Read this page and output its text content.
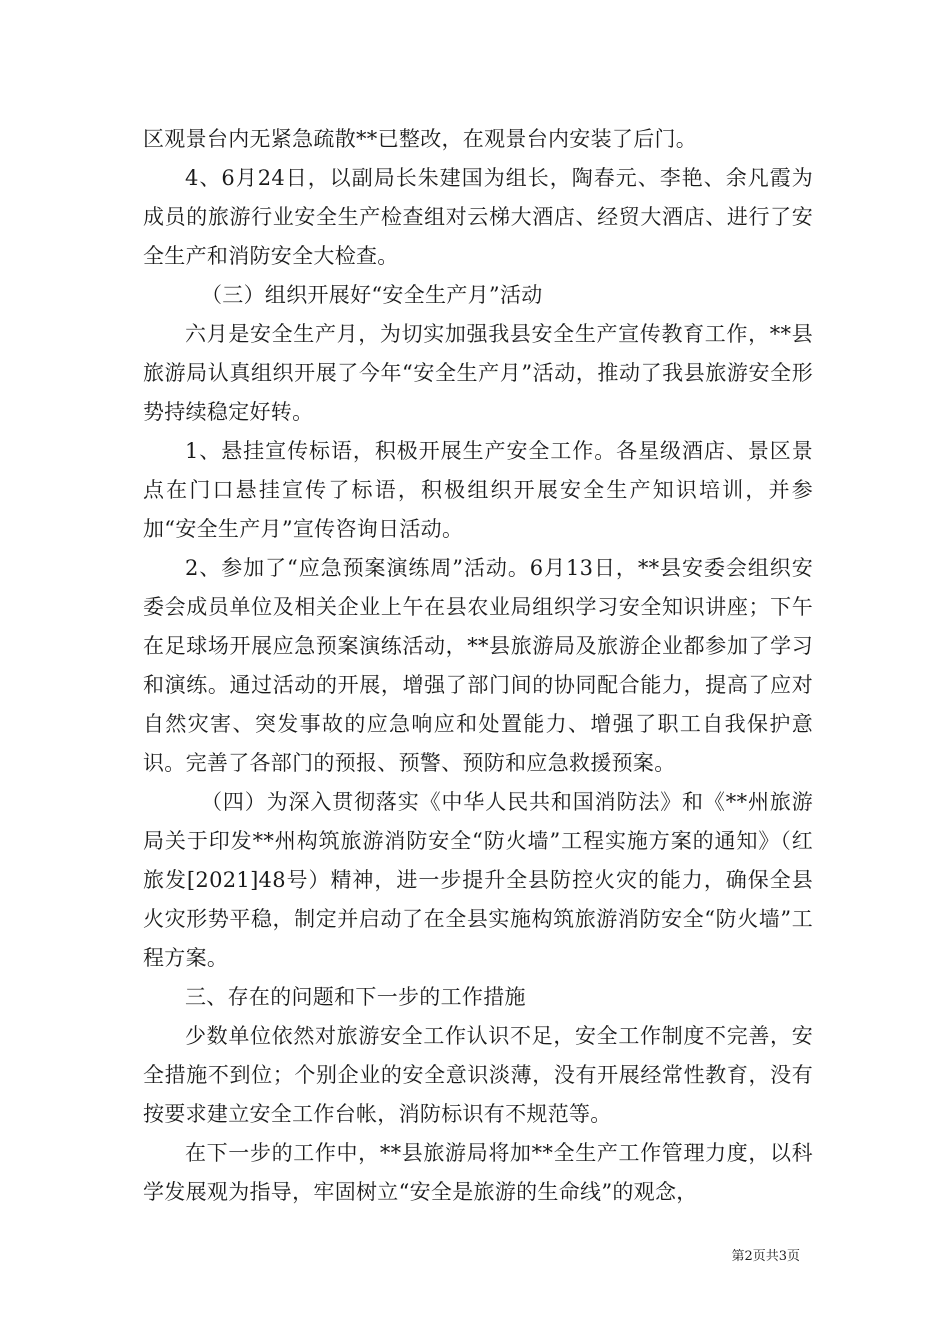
区观景台内无紧急疏散**已整改，在观景台内安装了后门。

4、6月24日，以副局长朱建国为组长，陶春元、李艳、余凡霞为成员的旅游行业安全生产检查组对云梯大酒店、经贸大酒店、进行了安全生产和消防安全大检查。

（三）组织开展好“安全生产月”活动

六月是安全生产月，为切实加强我县安全生产宣传教育工作，**县旅游局认真组织开展了今年“安全生产月”活动，推动了我县旅游安全形势持续稳定好转。

1、悬挂宣传标语，积极开展生产安全工作。各星级酒店、景区景点在门口悬挂宣传了标语，积极组织开展安全生产知识培训，并参加“安全生产月”宣传咨询日活动。

2、参加了“应急预案演练周”活动。6月13日，**县安委会组织安委会成员单位及相关企业上午在县农业局组织学习安全知识讲座；下午在足球场开展应急预案演练活动，**县旅游局及旅游企业都参加了学习和演练。通过活动的开展，增强了部门间的协同配合能力，提高了应对自然灾害、突发事故的应急响应和处置能力、增强了职工自我保护意识。完善了各部门的预报、预警、预防和应急救援预案。

（四）为深入贯彻落实《中华人民共和国消防法》和《**州旅游局关于印发**州构筑旅游消防安全“防火墙”工程实施方案的通知》（红旅发[2021]48号）精神，进一步提升全县防控火灾的能力，确保全县火灾形势平稳，制定并启动了在全县实施构筑旅游消防安全“防火墙”工程方案。

三、存在的问题和下一步的工作措施

少数单位依然对旅游安全工作认识不足，安全工作制度不完善，安全措施不到位；个别企业的安全意识淡薄，没有开展经常性教育，没有按要求建立安全工作台帐，消防标识有不规范等。

在下一步的工作中，**县旅游局将加**全生产工作管理力度，以科学发展观为指导，牢固树立“安全是旅游的生命线”的观念，

第2页共3页
